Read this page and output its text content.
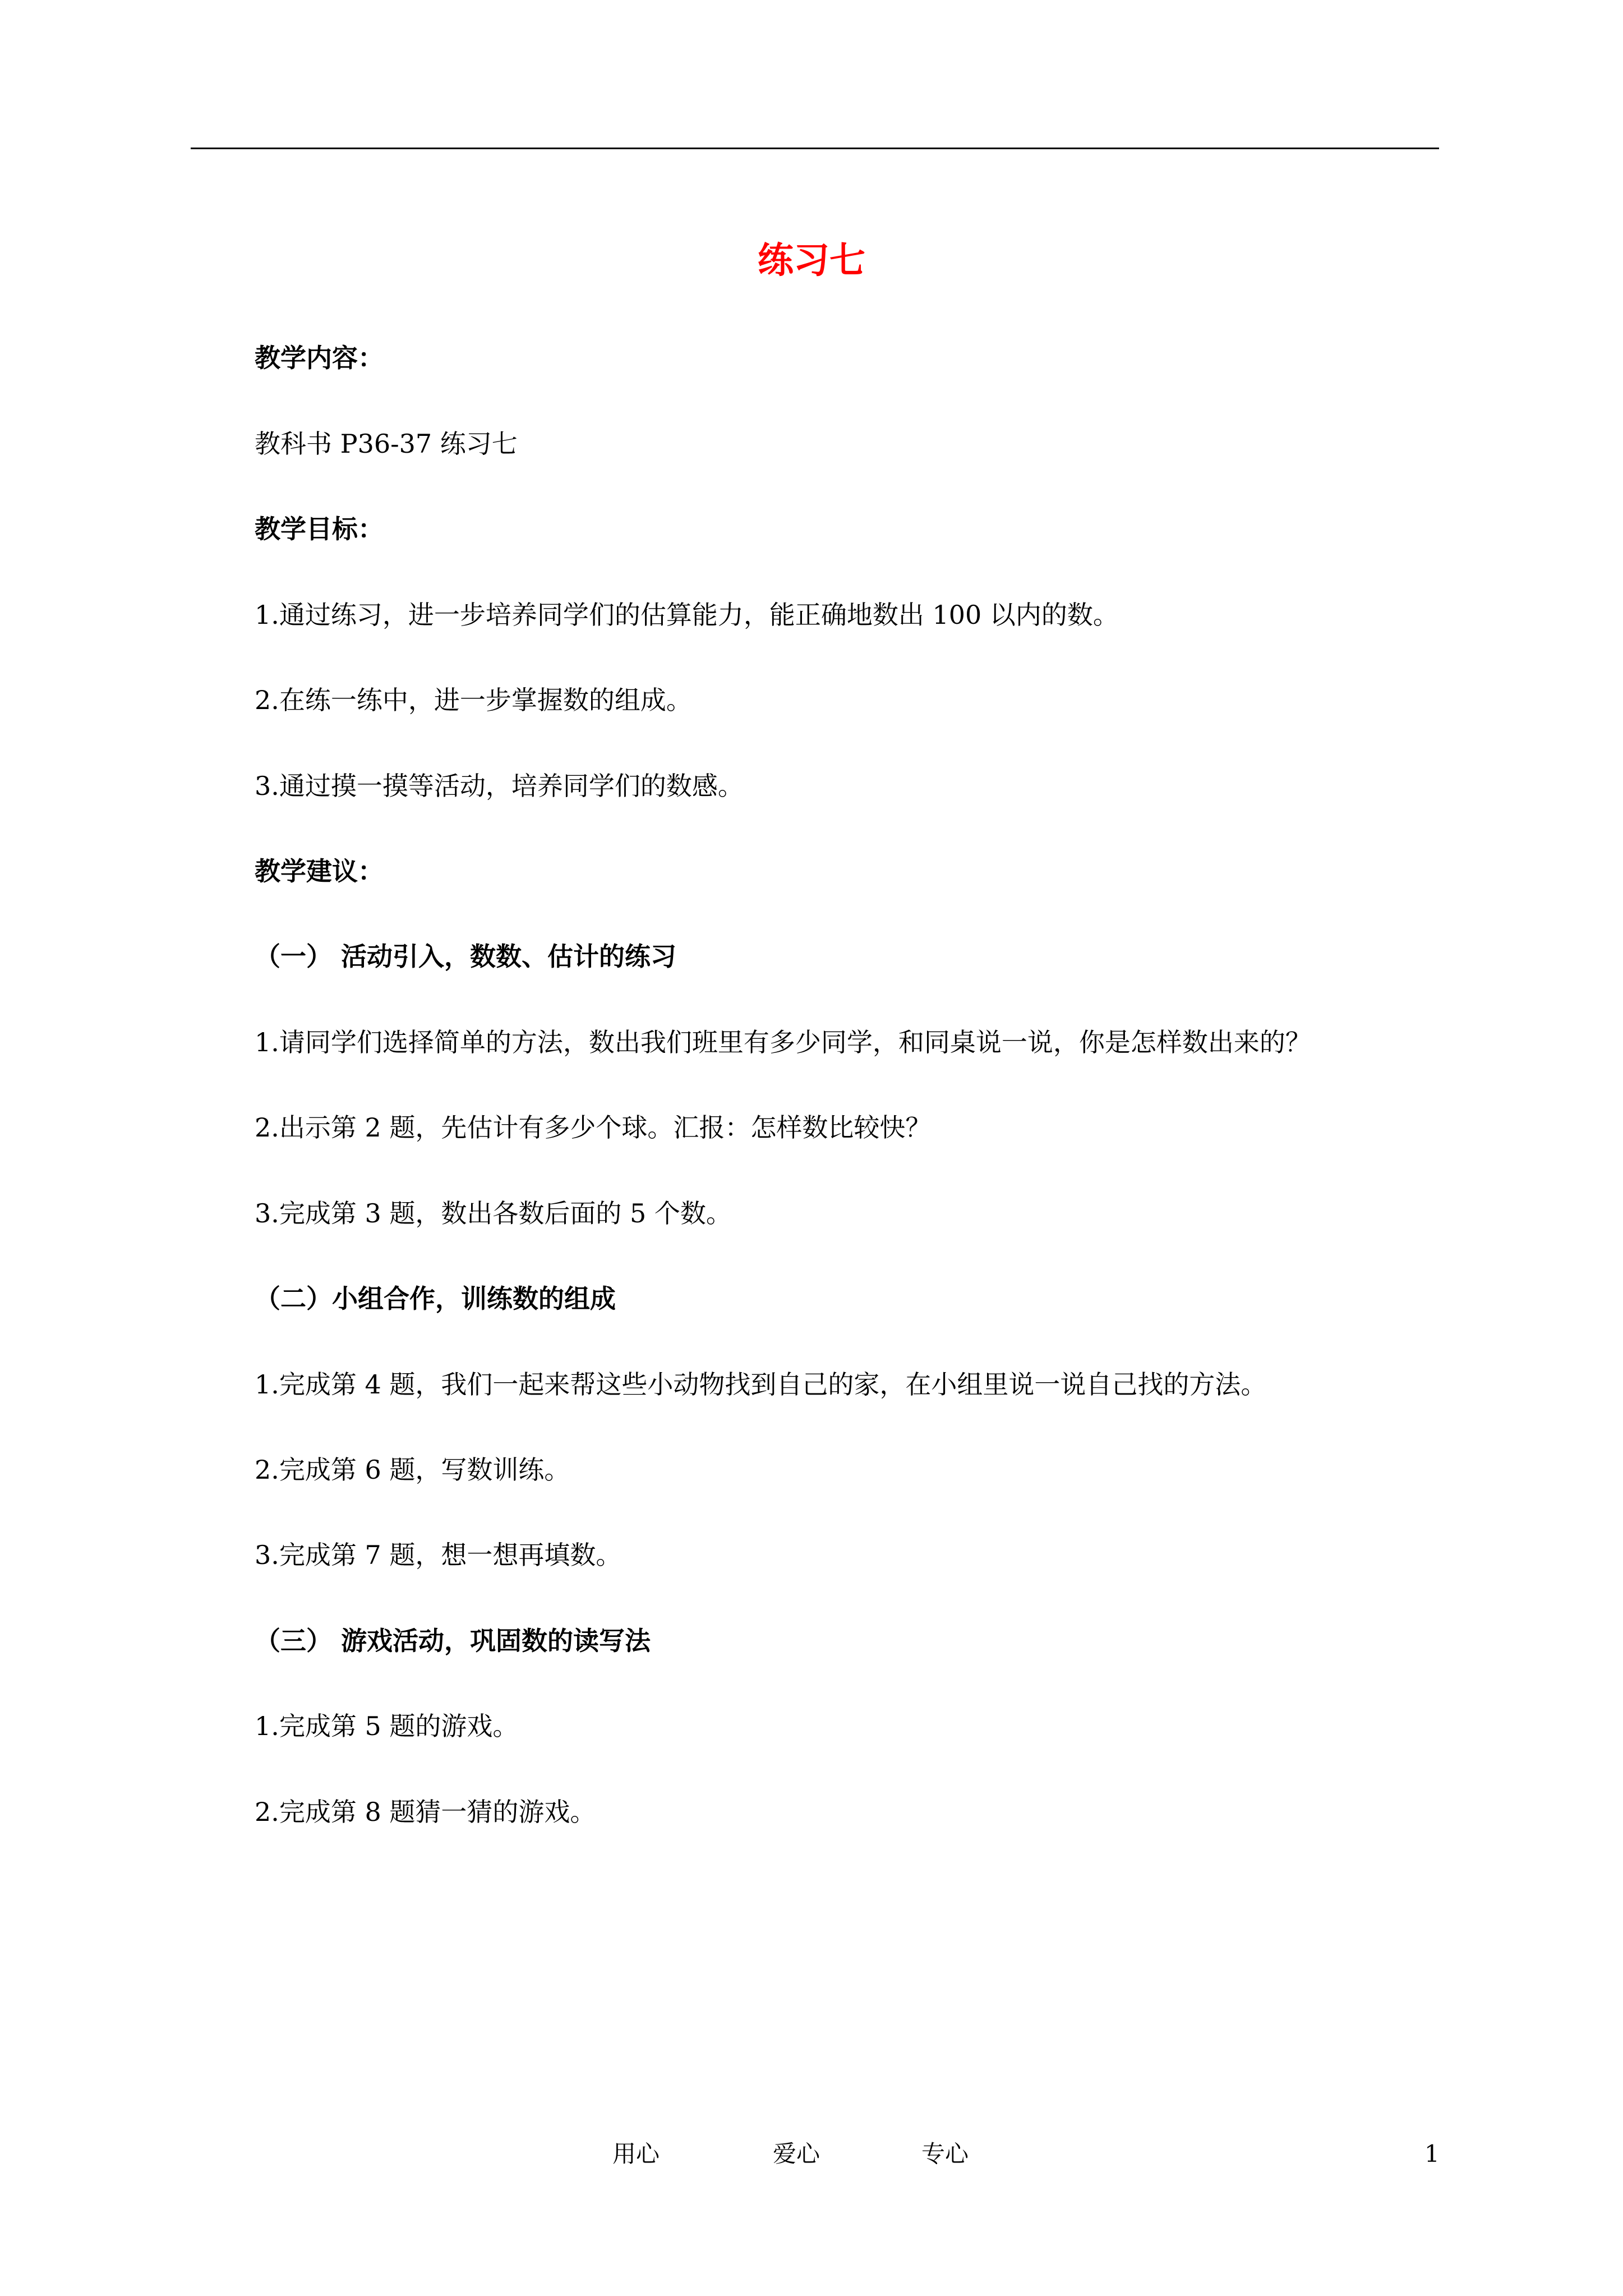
练习七
教学内容：
教科书 P36-37 练习七
教学目标：
1.通过练习，进一步培养同学们的估算能力，能正确地数出 100 以内的数。
2.在练一练中，进一步掌握数的组成。
3.通过摸一摸等活动，培养同学们的数感。
教学建议：
（一） 活动引入，数数、估计的练习
1.请同学们选择简单的方法，数出我们班里有多少同学，和同桌说一说，你是怎样数出来的？
2.出示第 2 题，先估计有多少个球。汇报：怎样数比较快？
3.完成第 3 题，数出各数后面的 5 个数。
（二）小组合作，训练数的组成
1.完成第 4 题，我们一起来帮这些小动物找到自己的家，在小组里说一说自己找的方法。
2.完成第 6 题，写数训练。
3.完成第 7 题，想一想再填数。
（三） 游戏活动，巩固数的读写法
1.完成第 5 题的游戏。
2.完成第 8 题猜一猜的游戏。
用心	爱心	专心	1
